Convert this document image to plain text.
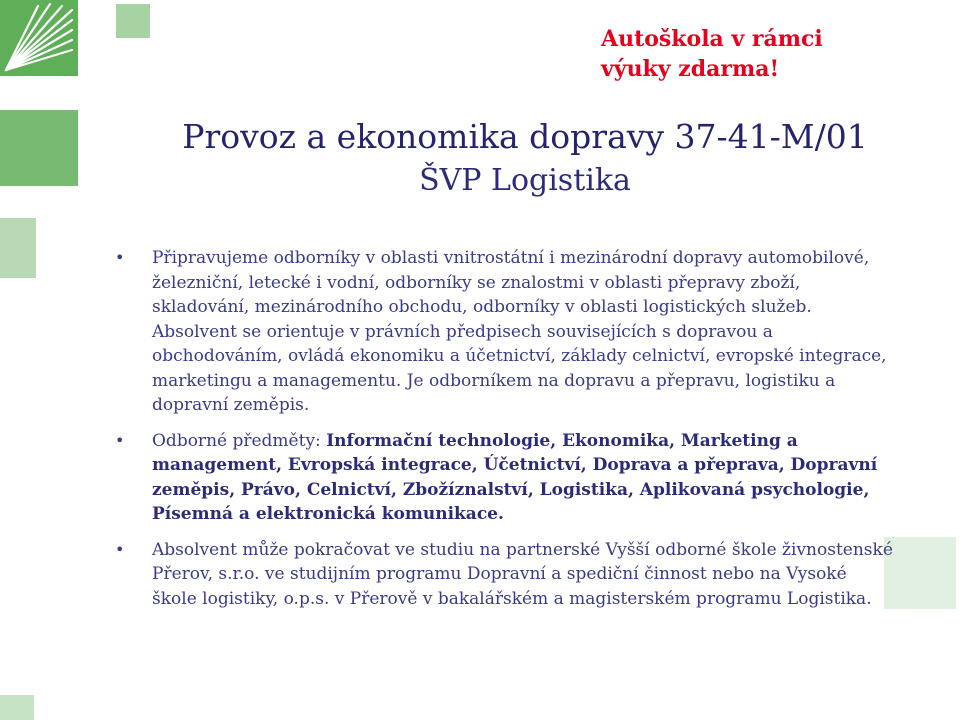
Autoškola v rámci
výuky zdarma!
Provoz a ekonomika dopravy 37-41-M/01
ŠVP Logistika

• Připravujeme odborníky v oblasti vnitrostátní i mezinárodní dopravy automobilové, železniční, letecké i vodní, odborníky se znalostmi v oblasti přepravy zboží, skladování, mezinárodního obchodu, odborníky v oblasti logistických služeb. Absolvent se orientuje v právních předpisech souvisejících s dopravou a obchodováním, ovládá ekonomiku a účetnictví, základy celnictví, evropské integrace, marketingu a managementu. Je odborníkem na dopravu a přepravu, logistiku a dopravní zeměpis.

• Odborné předměty: Informační technologie, Ekonomika, Marketing a management, Evropská integrace, Účetnictví, Doprava a přeprava, Dopravní zeměpis, Právo, Celnictví, Zbožíznalství, Logistika, Aplikovaná psychologie, Písemná a elektronická komunikace.

• Absolvent může pokračovat ve studiu na partnerské Vyšší odborné škole živnostenské Přerov, s.r.o. ve studijním programu Dopravní a spediční činnost nebo na Vysoké škole logistiky, o.p.s. v Přerově v bakalářském a magisterském programu Logistika.
